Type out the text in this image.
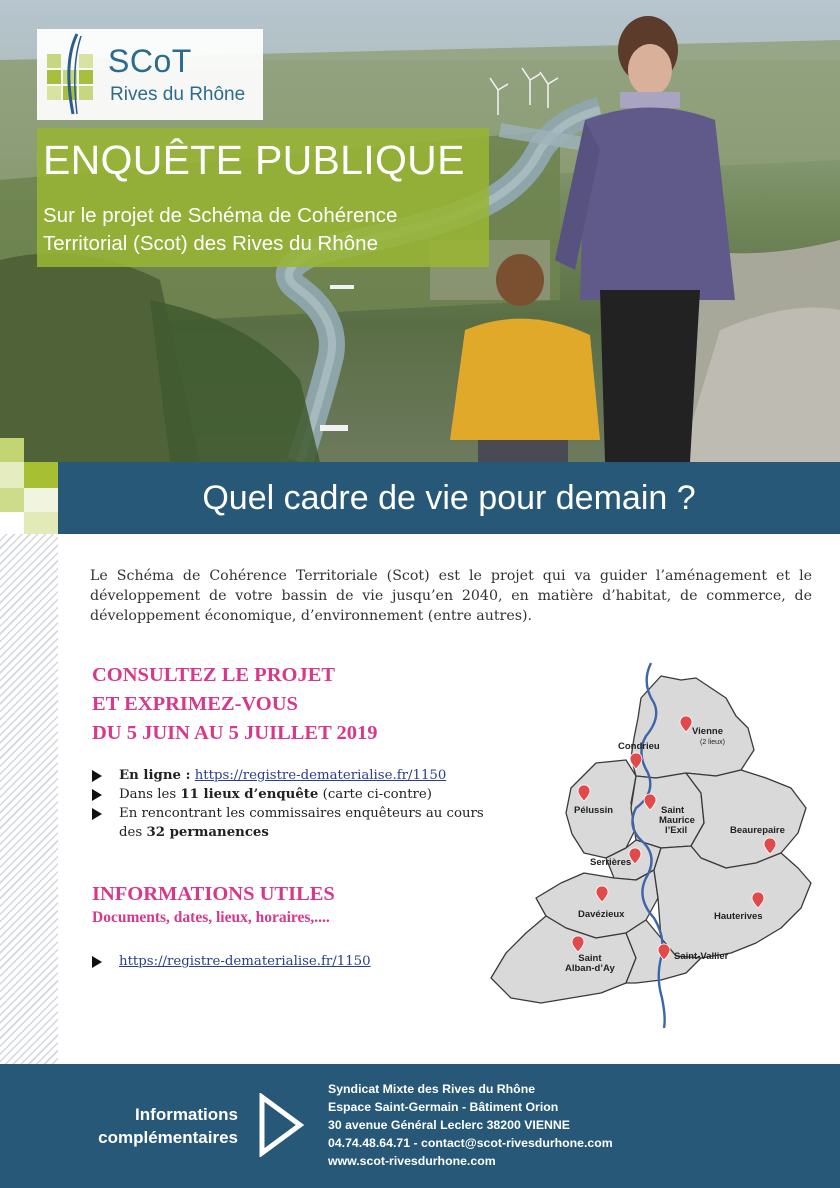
SCoT
Rives du Rhône
ENQUÊTE PUBLIQUE
Sur le projet de Schéma de Cohérence
Territorial (Scot) des Rives du Rhône
Quel cadre de vie pour demain ?
Le Schéma de Cohérence Territoriale (Scot) est le projet qui va guider l’aménagement et le développement de votre bassin de vie jusqu’en 2040, en matière d’habitat, de commerce, de développement économique, d’environnement (entre autres).
CONSULTEZ LE PROJET
ET EXPRIMEZ-VOUS
DU 5 JUIN AU 5 JUILLET 2019
En ligne : https://registre-dematerialise.fr/1150
Dans les 11 lieux d’enquête (carte ci-contre)
En rencontrant les commissaires enquêteurs au cours des 32 permanences
INFORMATIONS UTILES
Documents, dates, lieux, horaires,....
https://registre-dematerialise.fr/1150
Vienne
(2 lieux)
Condrieu
Pélussin	Saint
Maurice
l’Exil	Beaurepaire
Serrières
Hauterives
Davézieux
Saint-Vallier
Saint
Alban-d’Ay
Informations
complémentaires
Syndicat Mixte des Rives du Rhône
Espace Saint-Germain - Bâtiment Orion
30 avenue Général Leclerc 38200 VIENNE
04.74.48.64.71 - contact@scot-rivesdurhone.com
www.scot-rivesdurhone.com
